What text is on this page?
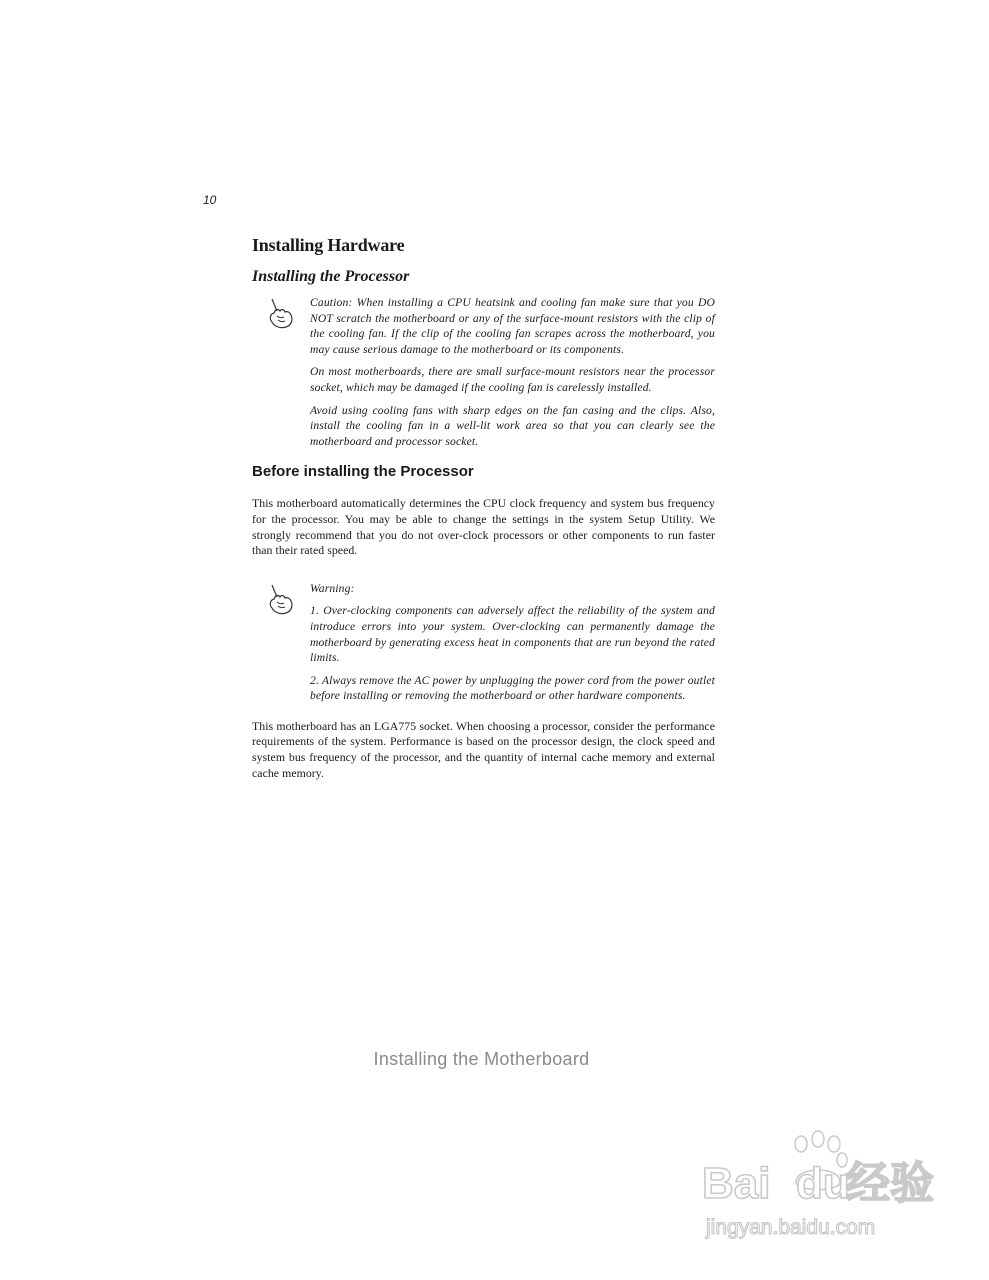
10
Installing Hardware
Installing the Processor

Caution: When installing a CPU heatsink and cooling fan make sure that you DO NOT scratch the motherboard or any of the surface-mount resistors with the clip of the cooling fan. If the clip of the cooling fan scrapes across the motherboard, you may cause serious damage to the motherboard or its components.

On most motherboards, there are small surface-mount resistors near the processor socket, which may be damaged if the cooling fan is carelessly installed.

Avoid using cooling fans with sharp edges on the fan casing and the clips. Also, install the cooling fan in a well-lit work area so that you can clearly see the motherboard and processor socket.

Before installing the Processor

This motherboard automatically determines the CPU clock frequency and system bus frequency for the processor. You may be able to change the settings in the system Setup Utility. We strongly recommend that you do not over-clock processors or other components to run faster than their rated speed.

Warning:

1. Over-clocking components can adversely affect the reliability of the system and introduce errors into your system. Over-clocking can permanently damage the motherboard by generating excess heat in components that are run beyond the rated limits.

2. Always remove the AC power by unplugging the power cord from the power outlet before installing or removing the motherboard or other hardware components.

This motherboard has an LGA775 socket. When choosing a processor, consider the performance requirements of the system. Performance is based on the processor design, the clock speed and system bus frequency of the processor, and the quantity of internal cache memory and external cache memory.

Installing the Motherboard
Bai du
经验
jingyan.baidu.com
